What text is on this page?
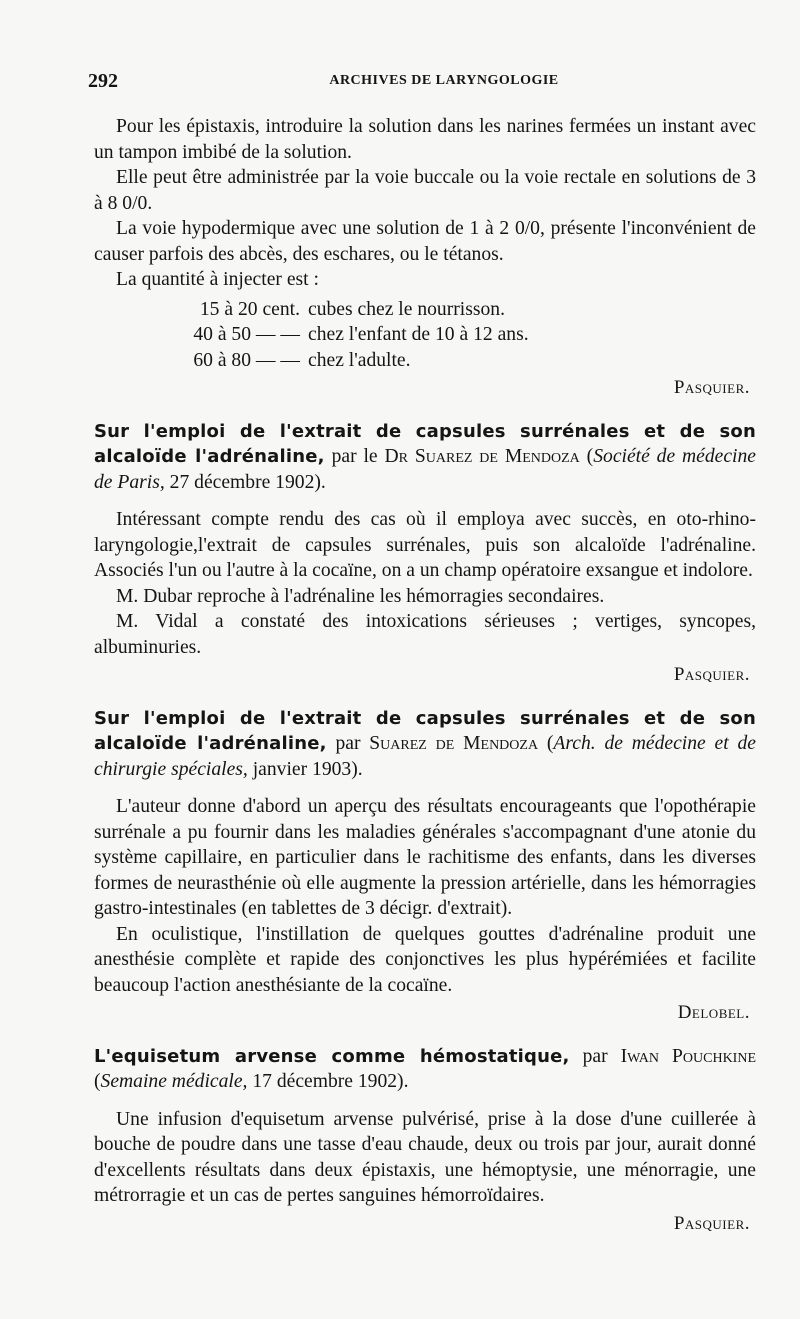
292	ARCHIVES DE LARYNGOLOGIE

Pour les épistaxis, introduire la solution dans les narines fermées un instant avec un tampon imbibé de la solution.

Elle peut être administrée par la voie buccale ou la voie rectale en solutions de 3 à 8 0/0.

La voie hypodermique avec une solution de 1 à 2 0/0, présente l'inconvénient de causer parfois des abcès, des eschares, ou le tétanos.

La quantité à injecter est :

15 à 20 cent. cubes chez le nourrisson.
40 à 50 — — chez l'enfant de 10 à 12 ans.
60 à 80 — — chez l'adulte.
Pasquier.
Sur l'emploi de l'extrait de capsules surrénales et de son alcaloïde l'adrénaline, par le Dr Suarez de Mendoza (Société de médecine de Paris, 27 décembre 1902).

Intéressant compte rendu des cas où il employa avec succès, en oto-rhino-laryngologie,l'extrait de capsules surrénales, puis son alcaloïde l'adrénaline. Associés l'un ou l'autre à la cocaïne, on a un champ opératoire exsangue et indolore.

M. Dubar reproche à l'adrénaline les hémorragies secondaires.

M. Vidal a constaté des intoxications sérieuses ; vertiges, syncopes, albuminuries.

Pasquier.
Sur l'emploi de l'extrait de capsules surrénales et de son alcaloïde l'adrénaline, par Suarez de Mendoza (Arch. de médecine et de chirurgie spéciales, janvier 1903).

L'auteur donne d'abord un aperçu des résultats encourageants que l'opothérapie surrénale a pu fournir dans les maladies générales s'accompagnant d'une atonie du système capillaire, en particulier dans le rachitisme des enfants, dans les diverses formes de neurasthénie où elle augmente la pression artérielle, dans les hémorragies gastro-intestinales (en tablettes de 3 décigr. d'extrait).

En oculistique, l'instillation de quelques gouttes d'adrénaline produit une anesthésie complète et rapide des conjonctives les plus hypérémiées et facilite beaucoup l'action anesthésiante de la cocaïne.

Delobel.
L'equisetum arvense comme hémostatique, par Iwan Pouchkine (Semaine médicale, 17 décembre 1902).

Une infusion d'equisetum arvense pulvérisé, prise à la dose d'une cuillerée à bouche de poudre dans une tasse d'eau chaude, deux ou trois par jour, aurait donné d'excellents résultats dans deux épistaxis, une hémoptysie, une ménorragie, une métrorragie et un cas de pertes sanguines hémorroïdaires.

Pasquier.
